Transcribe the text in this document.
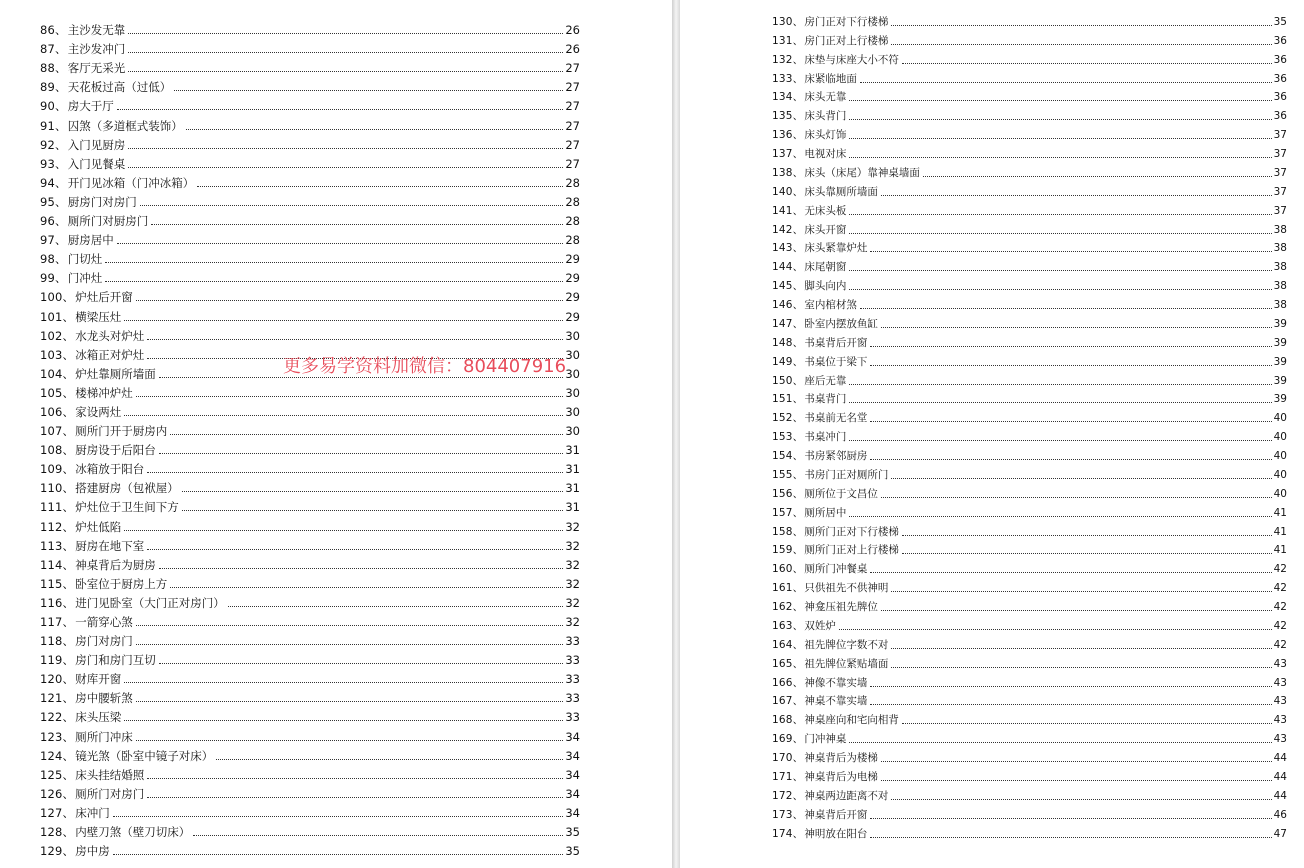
86、 主沙发无靠	26
87、 主沙发冲门	26
88、 客厅无采光	27
89、 天花板过高（过低）	27
90、 房大于厅	27
91、 囚煞（多道框式装饰）	27
92、 入门见厨房	27
93、 入门见餐桌	27
94、 开门见冰箱（门冲冰箱）	28
95、 厨房门对房门	28
96、 厕所门对厨房门	28
97、 厨房居中	28
98、 门切灶	29
99、 门冲灶	29
100、 炉灶后开窗	29
101、 横梁压灶	29
102、 水龙头对炉灶	30
103、 冰箱正对炉灶	30
104、 炉灶靠厕所墙面	30
105、 楼梯冲炉灶	30
106、 家设两灶	30
107、 厕所门开于厨房内	30
108、 厨房设于后阳台	31
109、 冰箱放于阳台	31
110、 搭建厨房（包袱屋）	31
111、 炉灶位于卫生间下方	31
112、 炉灶低陷	32
113、 厨房在地下室	32
114、 神桌背后为厨房	32
115、 卧室位于厨房上方	32
116、 进门见卧室（大门正对房门）	32
117、 一箭穿心煞	32
118、 房门对房门	33
119、 房门和房门互切	33
120、 财库开窗	33
121、 房中腰斩煞	33
122、 床头压梁	33
123、 厕所门冲床	34
124、 镜光煞（卧室中镜子对床）	34
125、 床头挂结婚照	34
126、 厕所门对房门	34
127、 床冲门	34
128、 内壁刀煞（壁刀切床）	35
129、 房中房	35
130、 房门正对下行楼梯	35
131、 房门正对上行楼梯	36
132、 床垫与床座大小不符	36
133、 床紧临地面	36
134、 床头无靠	36
135、 床头背门	36
136、 床头灯饰	37
137、 电视对床	37
138、 床头（床尾）靠神桌墙面	37
140、 床头靠厕所墙面	37
141、 无床头板	37
142、 床头开窗	38
143、 床头紧靠炉灶	38
144、 床尾朝窗	38
145、 脚头向内	38
146、 室内棺材煞	38
147、 卧室内摆放鱼缸	39
148、 书桌背后开窗	39
149、 书桌位于梁下	39
150、 座后无靠	39
151、 书桌背门	39
152、 书桌前无名堂	40
153、 书桌冲门	40
154、 书房紧邻厨房	40
155、 书房门正对厕所门	40
156、 厕所位于文昌位	40
157、 厕所居中	41
158、 厕所门正对下行楼梯	41
159、 厕所门正对上行楼梯	41
160、 厕所门冲餐桌	42
161、 只供祖先不供神明	42
162、 神龛压祖先牌位	42
163、 双姓炉	42
164、 祖先牌位字数不对	42
165、 祖先牌位紧贴墙面	43
166、 神像不靠实墙	43
167、 神桌不靠实墙	43
168、 神桌座向和宅向相背	43
169、 门冲神桌	43
170、 神桌背后为楼梯	44
171、 神桌背后为电梯	44
172、 神桌两边距离不对	44
173、 神桌背后开窗	46
174、 神明放在阳台	47
更多易学资料加微信：804407916
